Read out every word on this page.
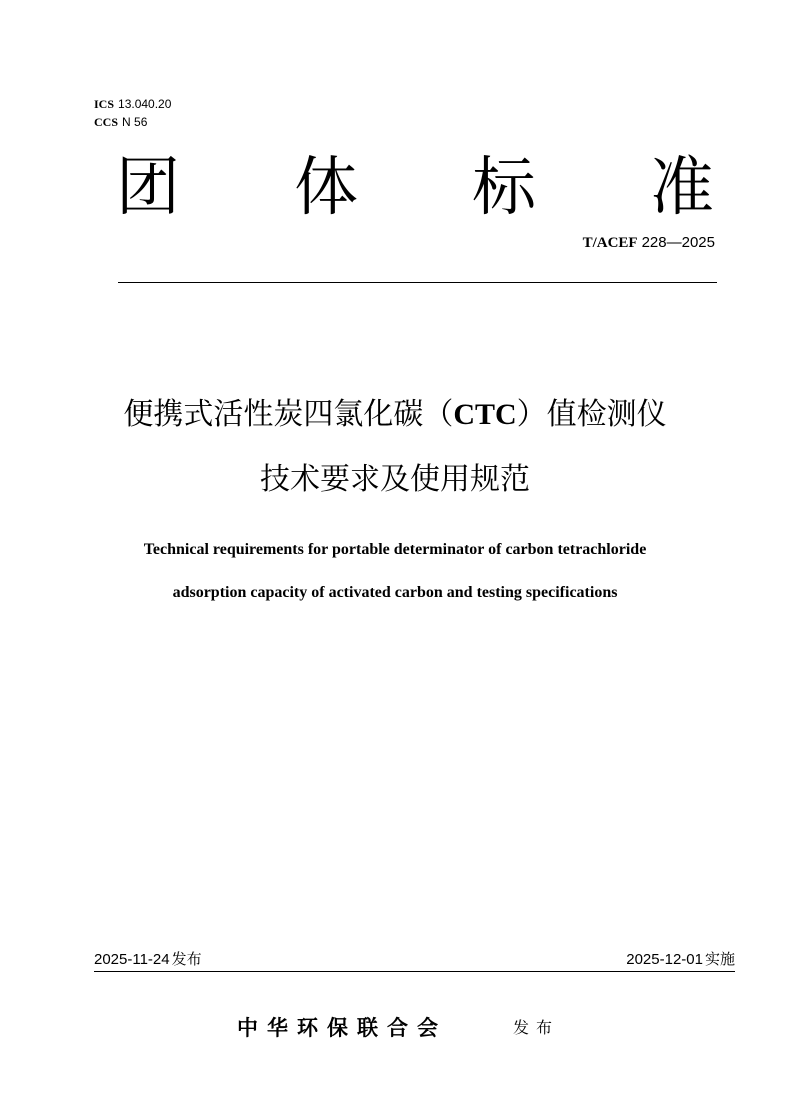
ICS 13.040.20
CCS N 56
团 体 标 准
T/ACEF 228—2025
便携式活性炭四氯化碳（CTC）值检测仪
技术要求及使用规范
Technical requirements for portable determinator of carbon tetrachloride
adsorption capacity of activated carbon and testing specifications
2025-11-24 发布	2025-12-01 实施
中华环保联合会	发布
